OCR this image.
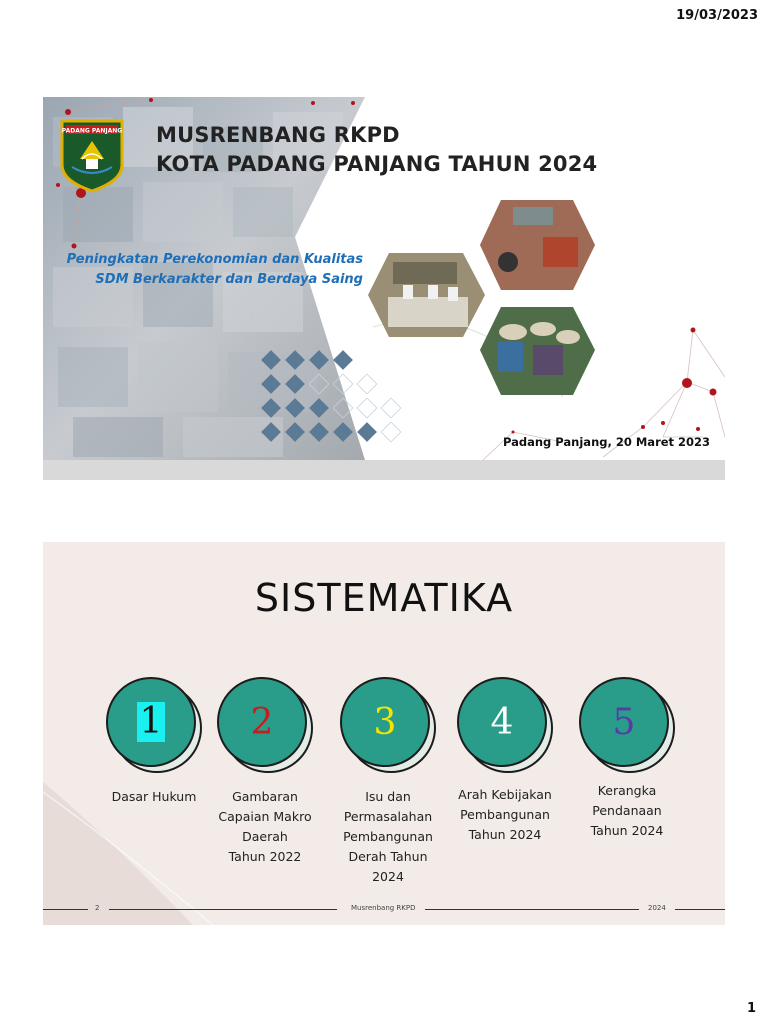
19/03/2023
PADANG PANJANG MUSRENBANG RKPD
KOTA PADANG PANJANG TAHUN 2024
Peningkatan Perekonomian dan Kualitas
SDM Berkarakter dan Berdaya Saing
Padang Panjang, 20 Maret 2023
SISTEMATIKA
1
Dasar Hukum
2
Gambaran
Capaian Makro
Daerah
Tahun 2022
3
Isu dan
Permasalahan
Pembangunan
Derah Tahun
2024
4
Arah Kebijakan
Pembangunan
Tahun 2024
5
Kerangka
Pendanaan
Tahun 2024
2	Musrenbang RKPD	2024
1
